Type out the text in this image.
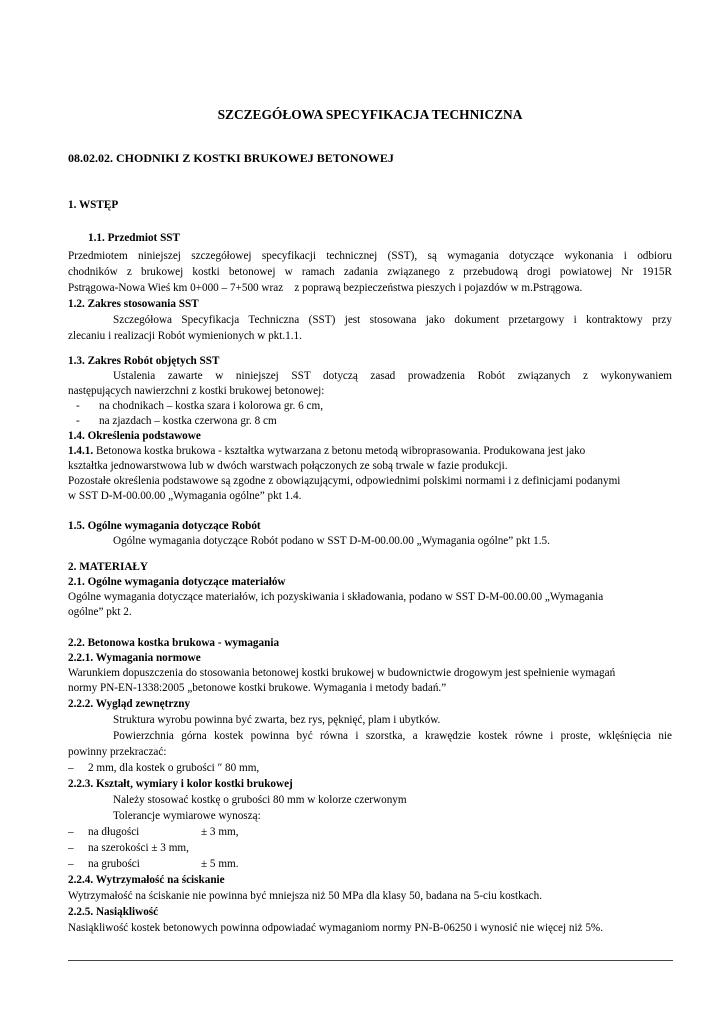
SZCZEGÓŁOWA SPECYFIKACJA TECHNICZNA
08.02.02. CHODNIKI Z KOSTKI BRUKOWEJ BETONOWEJ
1. WSTĘP
1.1. Przedmiot SST
Przedmiotem niniejszej szczegółowej specyfikacji technicznej (SST), są wymagania dotyczące wykonania i odbioru
chodników z brukowej kostki betonowej w ramach zadania związanego z przebudową drogi powiatowej Nr 1915R
Pstrągowa-Nowa Wieś km 0+000 – 7+500 wraz    z poprawą bezpieczeństwa pieszych i pojazdów w m.Pstrągowa.
1.2. Zakres stosowania SST
Szczegółowa Specyfikacja Techniczna (SST) jest stosowana jako dokument przetargowy i kontraktowy przy
zlecaniu i realizacji Robót wymienionych w pkt.1.1.
1.3. Zakres Robót objętych SST
Ustalenia zawarte w niniejszej SST dotyczą zasad prowadzenia Robót związanych z wykonywaniem
następujących nawierzchni z kostki brukowej betonowej:
- na chodnikach – kostka szara i kolorowa gr. 6 cm,
- na zjazdach – kostka czerwona gr. 8 cm
1.4. Określenia podstawowe
1.4.1. Betonowa kostka brukowa - kształtka wytwarzana z betonu metodą wibroprasowania. Produkowana jest jako
kształtka jednowarstwowa lub w dwóch warstwach połączonych ze sobą trwale w fazie produkcji.
Pozostałe określenia podstawowe są zgodne z obowiązującymi, odpowiednimi polskimi normami i z definicjami podanymi
w SST D-M-00.00.00 „Wymagania ogólne” pkt 1.4.
1.5. Ogólne wymagania dotyczące Robót
Ogólne wymagania dotyczące Robót podano w SST D-M-00.00.00 „Wymagania ogólne” pkt 1.5.
2. MATERIAŁY
2.1. Ogólne wymagania dotyczące materiałów
Ogólne wymagania dotyczące materiałów, ich pozyskiwania i składowania, podano w SST D-M-00.00.00 „Wymagania
ogólne” pkt 2.
2.2. Betonowa kostka brukowa - wymagania
2.2.1. Wymagania normowe
Warunkiem dopuszczenia do stosowania betonowej kostki brukowej w budownictwie drogowym jest spełnienie wymagań
normy PN-EN-1338:2005 „betonowe kostki brukowe. Wymagania i metody badań.”
2.2.2. Wygląd zewnętrzny
Struktura wyrobu powinna być zwarta, bez rys, pęknięć, plam i ubytków.
Powierzchnia górna kostek powinna być równa i szorstka, a krawędzie kostek równe i proste, wklęśnięcia nie
powinny przekraczać:
– 2 mm, dla kostek o grubości ″ 80 mm,
2.2.3. Kształt, wymiary i kolor kostki brukowej
Należy stosować kostkę o grubości 80 mm w kolorze czerwonym
Tolerancje wymiarowe wynoszą:
– na długości	± 3 mm,
– na szerokości ± 3 mm,
– na grubości	± 5 mm.
2.2.4. Wytrzymałość na ściskanie
Wytrzymałość na ściskanie nie powinna być mniejsza niż 50 MPa dla klasy 50, badana na 5-ciu kostkach.
2.2.5. Nasiąkliwość
Nasiąkliwość kostek betonowych powinna odpowiadać wymaganiom normy PN-B-06250 i wynosić nie więcej niż 5%.
